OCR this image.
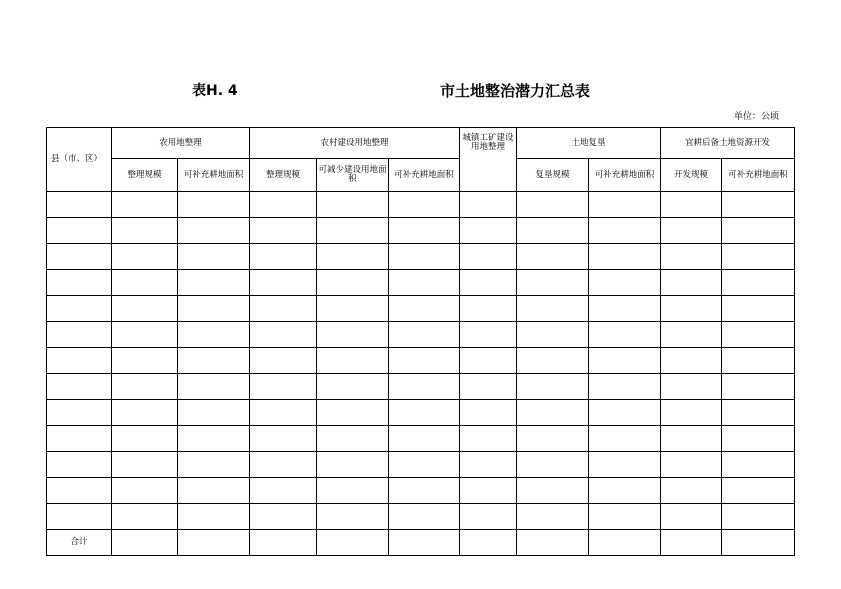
表H. 4	市土地整治潜力汇总表
单位：公顷
县（市、区）	农用地整理		农村建设用地整理			城镇工矿建设用地整理	土地复垦		宜耕后备土地资源开发	
	整理规模	可补充耕地面积	整理规模	可减少建设用地面积	可补充耕地面积		复垦规模	可补充耕地面积	开发规模	可补充耕地面积

合计										
